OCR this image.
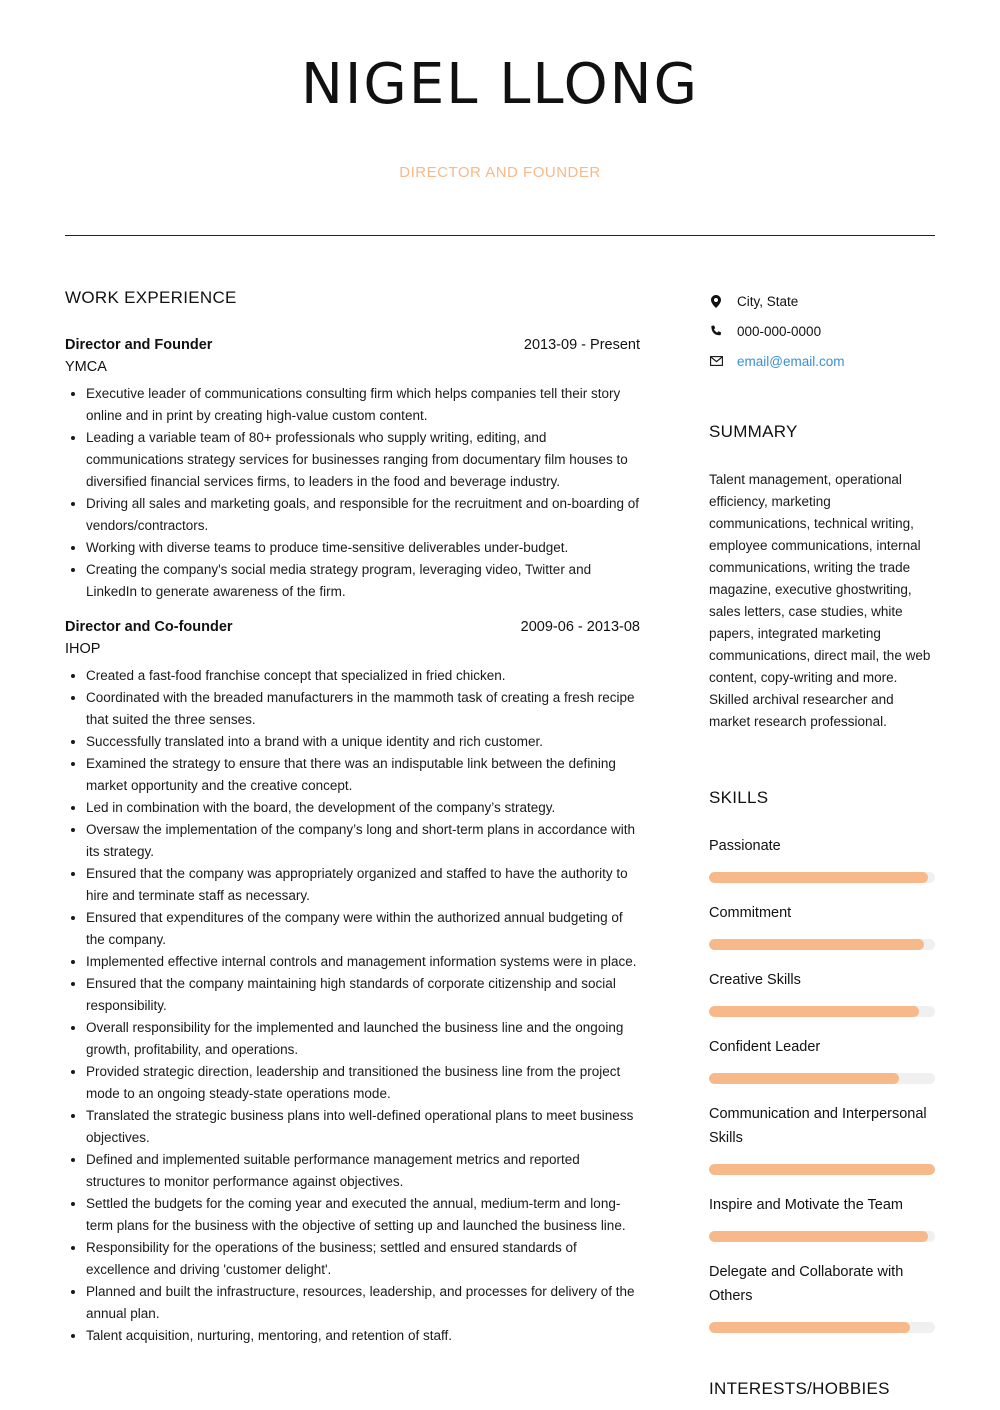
NIGEL LLONG
DIRECTOR AND FOUNDER
WORK EXPERIENCE
Director and Founder	2013-09 - Present
YMCA
• Executive leader of communications consulting firm which helps companies tell their story online and in print by creating high-value custom content.
• Leading a variable team of 80+ professionals who supply writing, editing, and communications strategy services for businesses ranging from documentary film houses to diversified financial services firms, to leaders in the food and beverage industry.
• Driving all sales and marketing goals, and responsible for the recruitment and on-boarding of vendors/contractors.
• Working with diverse teams to produce time-sensitive deliverables under-budget.
• Creating the company's social media strategy program, leveraging video, Twitter and LinkedIn to generate awareness of the firm.
Director and Co-founder	2009-06 - 2013-08
IHOP
• Created a fast-food franchise concept that specialized in fried chicken.
• Coordinated with the breaded manufacturers in the mammoth task of creating a fresh recipe that suited the three senses.
• Successfully translated into a brand with a unique identity and rich customer.
• Examined the strategy to ensure that there was an indisputable link between the defining market opportunity and the creative concept.
• Led in combination with the board, the development of the company’s strategy.
• Oversaw the implementation of the company’s long and short-term plans in accordance with its strategy.
• Ensured that the company was appropriately organized and staffed to have the authority to hire and terminate staff as necessary.
• Ensured that expenditures of the company were within the authorized annual budgeting of the company.
• Implemented effective internal controls and management information systems were in place.
• Ensured that the company maintaining high standards of corporate citizenship and social responsibility.
• Overall responsibility for the implemented and launched the business line and the ongoing growth, profitability, and operations.
• Provided strategic direction, leadership and transitioned the business line from the project mode to an ongoing steady-state operations mode.
• Translated the strategic business plans into well-defined operational plans to meet business objectives.
• Defined and implemented suitable performance management metrics and reported structures to monitor performance against objectives.
• Settled the budgets for the coming year and executed the annual, medium-term and long-term plans for the business with the objective of setting up and launched the business line.
• Responsibility for the operations of the business; settled and ensured standards of excellence and driving 'customer delight'.
• Planned and built the infrastructure, resources, leadership, and processes for delivery of the annual plan.
• Talent acquisition, nurturing, mentoring, and retention of staff.
City, State
000-000-0000
email@email.com
SUMMARY
Talent management, operational efficiency, marketing communications, technical writing, employee communications, internal communications, writing the trade magazine, executive ghostwriting, sales letters, case studies, white papers, integrated marketing communications, direct mail, the web content, copy-writing and more. Skilled archival researcher and market research professional.
SKILLS
Passionate
Commitment
Creative Skills
Confident Leader
Communication and Interpersonal Skills
Inspire and Motivate the Team
Delegate and Collaborate with Others
INTERESTS/HOBBIES
